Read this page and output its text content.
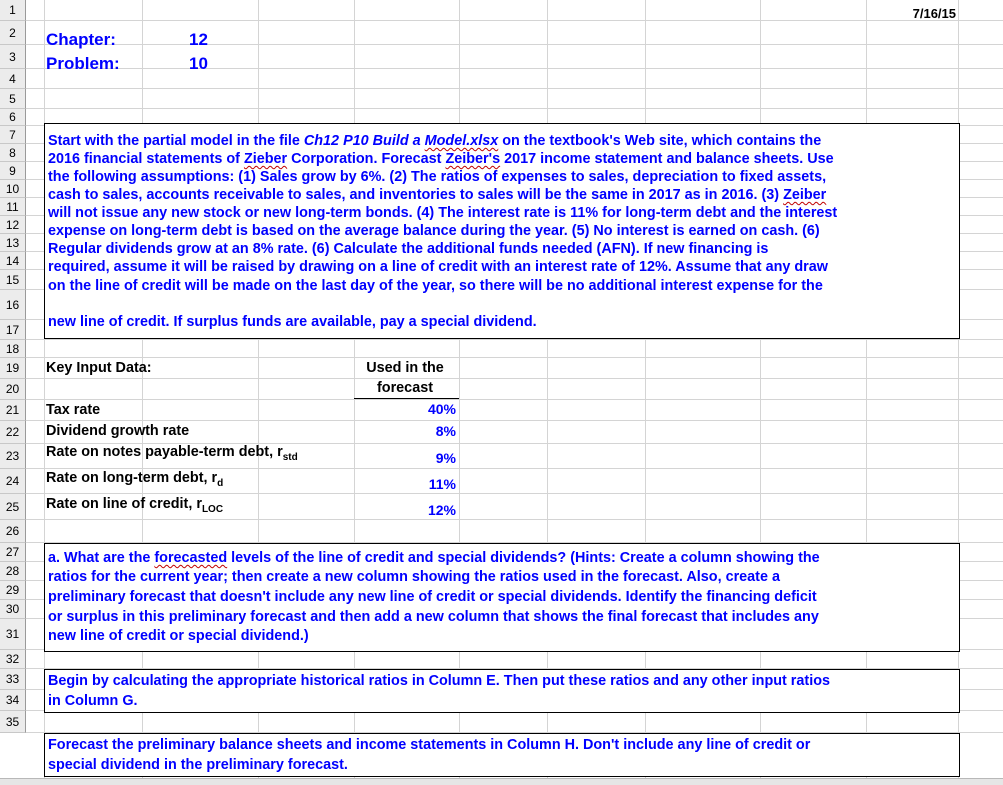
1
2
3
4
5
6
7
8
9
10
11
12
13
14
15
16
17
18
19
20
21
22
23
24
25
26
27
28
29
30
31
32
33
34
35
7/16/15
Chapter:	12
Problem:	10
Start with the partial model in the file Ch12 P10 Build a Model.xlsx on the textbook's Web site, which contains the
2016 financial statements of Zieber Corporation. Forecast Zeiber's 2017 income statement and balance sheets. Use
the following assumptions: (1) Sales grow by 6%. (2) The ratios of expenses to sales, depreciation to fixed assets,
cash to sales, accounts receivable to sales, and inventories to sales will be the same in 2017 as in 2016. (3) Zeiber
will not issue any new stock or new long-term bonds. (4) The interest rate is 11% for long-term debt and the interest
expense on long-term debt is based on the average balance during the year. (5) No interest is earned on cash. (6)
Regular dividends grow at an 8% rate. (6) Calculate the additional funds needed (AFN). If new financing is
required, assume it will be raised by drawing on a line of credit with an interest rate of 12%. Assume that any draw
on the line of credit will be made on the last day of the year, so there will be no additional interest expense for the
new line of credit. If surplus funds are available, pay a special dividend.
Key Input Data:	Used in the
forecast
Tax rate	40%
Dividend growth rate	8%
Rate on notes payable-term debt, $r_{std}$	9%
Rate on long-term debt, $r_d$	11%
Rate on line of credit, $r_{LOC}$	12%
a. What are the forecasted levels of the line of credit and special dividends? (Hints: Create a column showing the
ratios for the current year; then create a new column showing the ratios used in the forecast. Also, create a
preliminary forecast that doesn't include any new line of credit or special dividends. Identify the financing deficit
or surplus in this preliminary forecast and then add a new column that shows the final forecast that includes any
new line of credit or special dividend.)
Begin by calculating the appropriate historical ratios in Column E. Then put these ratios and any other input ratios
in Column G.
Forecast the preliminary balance sheets and income statements in Column H. Don't include any line of credit or
special dividend in the preliminary forecast.
